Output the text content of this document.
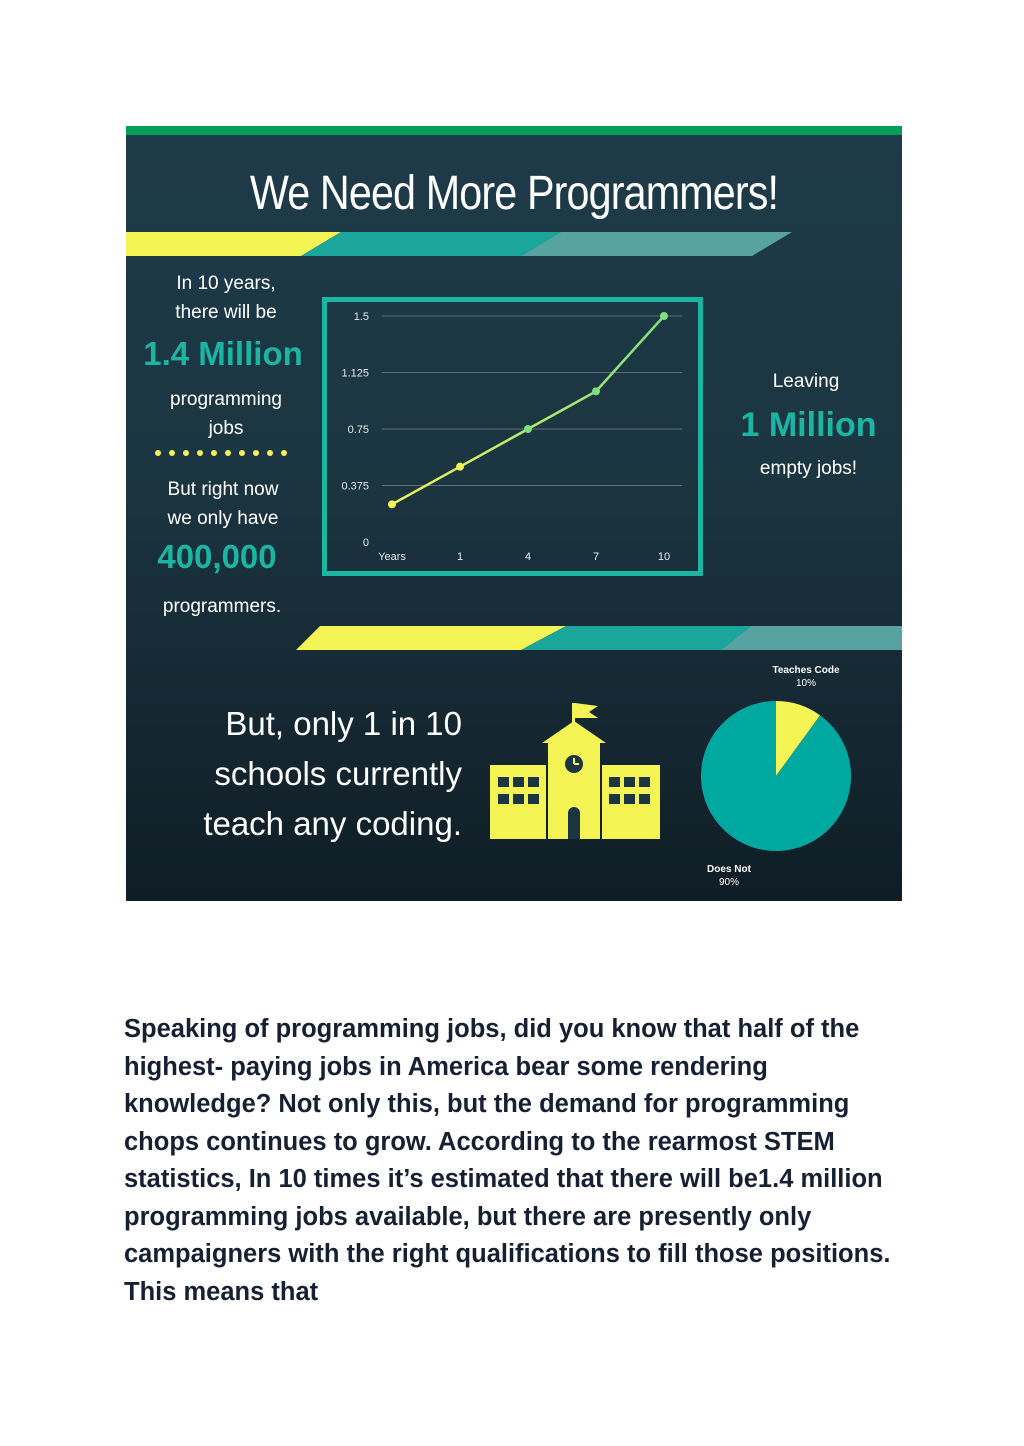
We Need More Programmers!
In 10 years,
there will be
1.4 Million
programming
jobs
But right now
we only have
400,000
programmers.
0
0.375
0.75
1.125
1.5
Years	1	4	7	10
Leaving
1 Million
empty jobs!
But, only 1 in 10
schools currently
teach any coding.
Teaches Code
10%
Does Not
90%

Speaking of programming jobs, did you know that half of the highest- paying jobs in America bear some rendering knowledge? Not only this, but the demand for programming chops continues to grow. According to the rearmost STEM statistics, In 10 times it’s estimated that there will be1.4 million programming jobs available, but there are presently only campaigners with the right qualifications to fill those positions. This means that
